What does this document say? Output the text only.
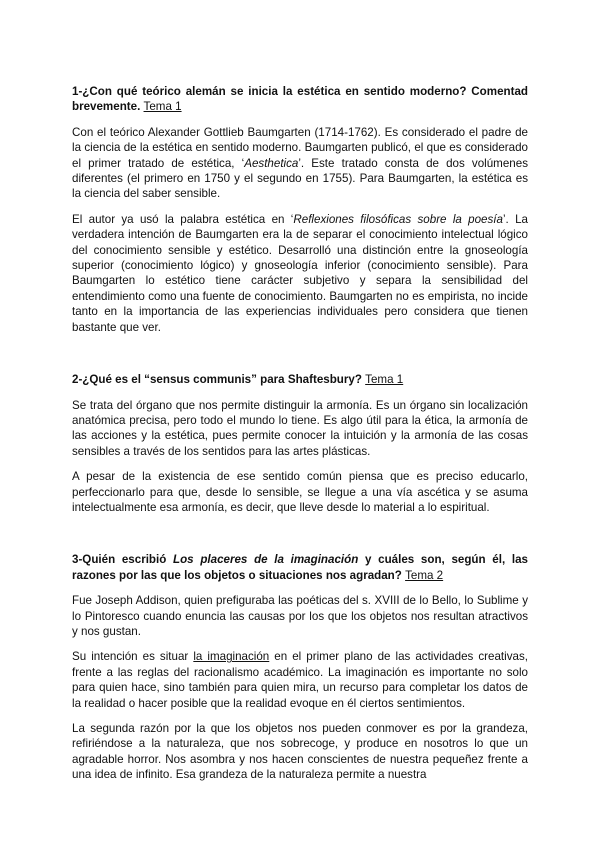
1-¿Con qué teórico alemán se inicia la estética en sentido moderno? Comentad brevemente. Tema 1
Con el teórico Alexander Gottlieb Baumgarten (1714-1762). Es considerado el padre de la ciencia de la estética en sentido moderno. Baumgarten publicó, el que es considerado el primer tratado de estética, ‘Aesthetica’. Este tratado consta de dos volúmenes diferentes (el primero en 1750 y el segundo en 1755). Para Baumgarten, la estética es la ciencia del saber sensible.
El autor ya usó la palabra estética en ‘Reflexiones filosóficas sobre la poesía’. La verdadera intención de Baumgarten era la de separar el conocimiento intelectual lógico del conocimiento sensible y estético. Desarrolló una distinción entre la gnoseología superior (conocimiento lógico) y gnoseología inferior (conocimiento sensible). Para Baumgarten lo estético tiene carácter subjetivo y separa la sensibilidad del entendimiento como una fuente de conocimiento. Baumgarten no es empirista, no incide tanto en la importancia de las experiencias individuales pero considera que tienen bastante que ver.
2-¿Qué es el “sensus communis” para Shaftesbury? Tema 1
Se trata del órgano que nos permite distinguir la armonía. Es un órgano sin localización anatómica precisa, pero todo el mundo lo tiene. Es algo útil para la ética, la armonía de las acciones y la estética, pues permite conocer la intuición y la armonía de las cosas sensibles a través de los sentidos para las artes plásticas.
A pesar de la existencia de ese sentido común piensa que es preciso educarlo, perfeccionarlo para que, desde lo sensible, se llegue a una vía ascética y se asuma intelectualmente esa armonía, es decir, que lleve desde lo material a lo espiritual.
3-Quién escribió Los placeres de la imaginación y cuáles son, según él, las razones por las que los objetos o situaciones nos agradan? Tema 2
Fue Joseph Addison, quien prefiguraba las poéticas del s. XVIII de lo Bello, lo Sublime y lo Pintoresco cuando enuncia las causas por los que los objetos nos resultan atractivos y nos gustan.
Su intención es situar la imaginación en el primer plano de las actividades creativas, frente a las reglas del racionalismo académico. La imaginación es importante no solo para quien hace, sino también para quien mira, un recurso para completar los datos de la realidad o hacer posible que la realidad evoque en él ciertos sentimientos.
La segunda razón por la que los objetos nos pueden conmover es por la grandeza, refiriéndose a la naturaleza, que nos sobrecoge, y produce en nosotros lo que un agradable horror. Nos asombra y nos hacen conscientes de nuestra pequeñez frente a una idea de infinito. Esa grandeza de la naturaleza permite a nuestra
